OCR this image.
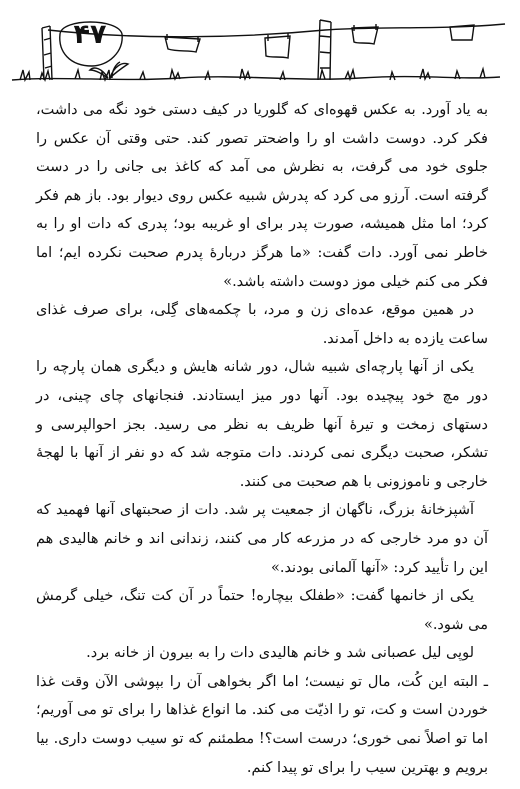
۴۷

به یاد آورد. به عکس قهوه‌ای که گلوریا در کیف دستی خود نگه می داشت، فکر کرد. دوست داشت او را واضحتر تصور کند. حتی وقتی آن عکس را جلوی خود می گرفت، به نظرش می آمد که کاغذ بی جانی را در دست گرفته است. آرزو می کرد که پدرش شبیه عکس روی دیوار بود. باز هم فکر کرد؛ اما مثل همیشه، صورت پدر برای او غریبه بود؛ پدری که دات او را به خاطر نمی آورد. دات گفت: «ما هرگز دربارهٔ پدرم صحبت نکرده ایم؛ اما فکر می کنم خیلی موز دوست داشته باشد.»

در همین موقع، عده‌ای زن و مرد، با چکمه‌های گِلی، برای صرف غذای ساعت یازده به داخل آمدند.

یکی از آنها پارچه‌ای شبیه شال، دور شانه هایش و دیگری همان پارچه را دور مچ خود پیچیده بود. آنها دور میز ایستادند. فنجانهای چای چینی، در دستهای زمخت و تیرهٔ آنها ظریف به نظر می رسید. بجز احوالپرسی و تشکر، صحبت دیگری نمی کردند. دات متوجه شد که دو نفر از آنها با لهجهٔ خارجی و ناموزونی با هم صحبت می کنند.

آشپزخانهٔ بزرگ، ناگهان از جمعیت پر شد. دات از صحبتهای آنها فهمید که آن دو مرد خارجی که در مزرعه کار می کنند، زندانی اند و خانم هالیدی هم این را تأیید کرد: «آنها آلمانی بودند.»

یکی از خانمها گفت: «طفلک بیچاره! حتماً در آن کت تنگ، خیلی گرمش می شود.»

لوپی لیل عصبانی شد و خانم هالیدی دات را به بیرون از خانه برد.

ـ البته این کُت، مال تو نیست؛ اما اگر بخواهی آن را بپوشی الآن وقت غذا خوردن است و کت، تو را اذیّت می کند. ما انواع غذاها را برای تو می آوریم؛ اما تو اصلاً نمی خوری؛ درست است؟! مطمئنم که تو سیب دوست داری. بیا برویم و بهترین سیب را برای تو پیدا کنم.
